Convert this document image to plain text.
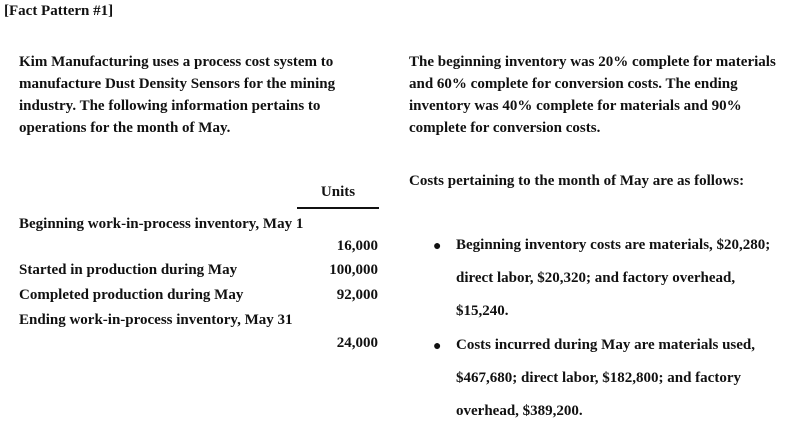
[Fact Pattern #1]
Kim Manufacturing uses a process cost system to manufacture Dust Density Sensors for the mining industry. The following information pertains to operations for the month of May.
Units
Beginning work-in-process inventory, May 1
16,000
Started in production during May	100,000
Completed production during May	92,000
Ending work-in-process inventory, May 31
24,000
The beginning inventory was 20% complete for materials and 60% complete for conversion costs. The ending inventory was 40% complete for materials and 90% complete for conversion costs.
Costs pertaining to the month of May are as follows:
● Beginning inventory costs are materials, $20,280; direct labor, $20,320; and factory overhead, $15,240.
● Costs incurred during May are materials used, $467,680; direct labor, $182,800; and factory overhead, $389,200.
